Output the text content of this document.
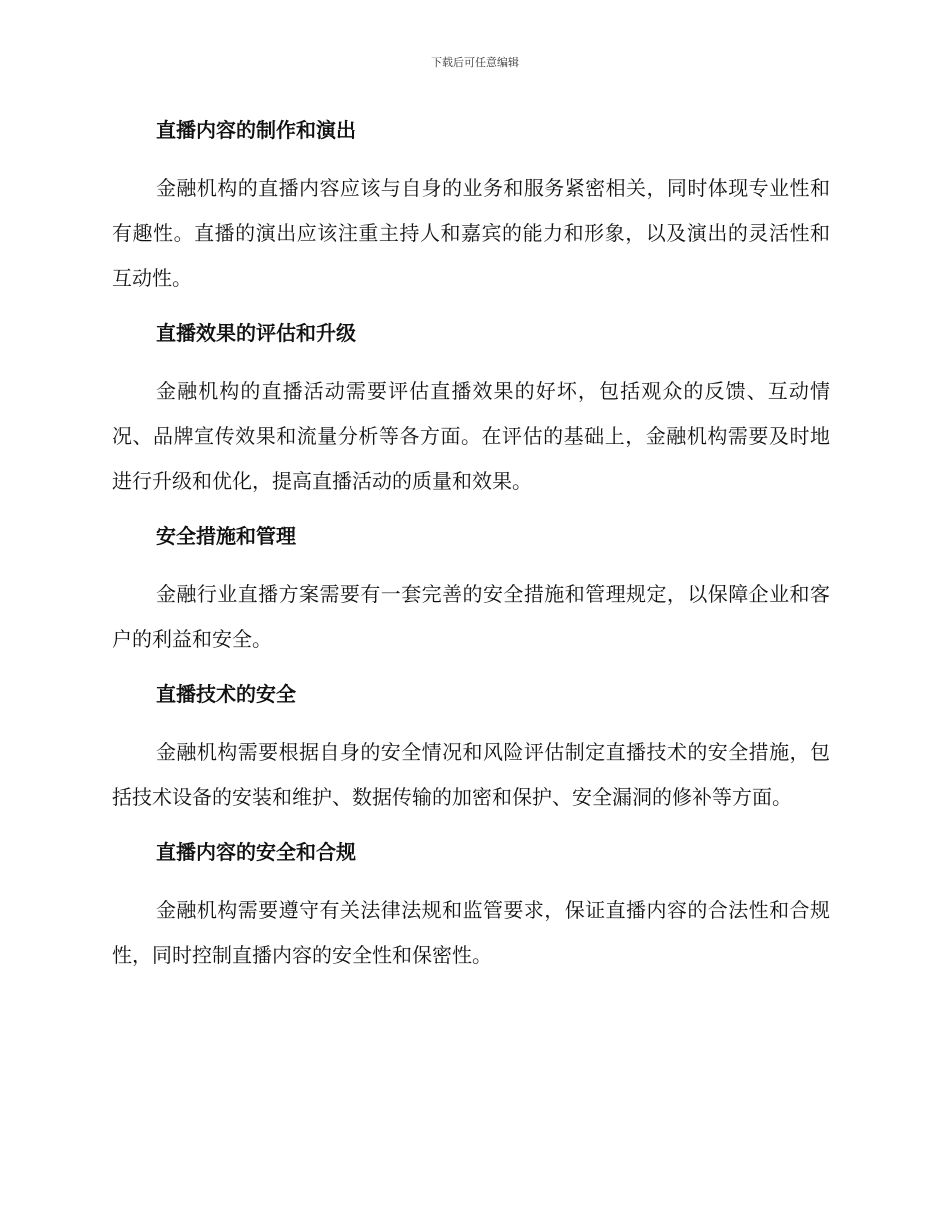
下载后可任意编辑
直播内容的制作和演出

金融机构的直播内容应该与自身的业务和服务紧密相关，同时体现专业性和有趣性。直播的演出应该注重主持人和嘉宾的能力和形象，以及演出的灵活性和互动性。

直播效果的评估和升级

金融机构的直播活动需要评估直播效果的好坏，包括观众的反馈、互动情况、品牌宣传效果和流量分析等各方面。在评估的基础上，金融机构需要及时地进行升级和优化，提高直播活动的质量和效果。

安全措施和管理

金融行业直播方案需要有一套完善的安全措施和管理规定，以保障企业和客户的利益和安全。

直播技术的安全

金融机构需要根据自身的安全情况和风险评估制定直播技术的安全措施，包括技术设备的安装和维护、数据传输的加密和保护、安全漏洞的修补等方面。

直播内容的安全和合规

金融机构需要遵守有关法律法规和监管要求，保证直播内容的合法性和合规性，同时控制直播内容的安全性和保密性。
